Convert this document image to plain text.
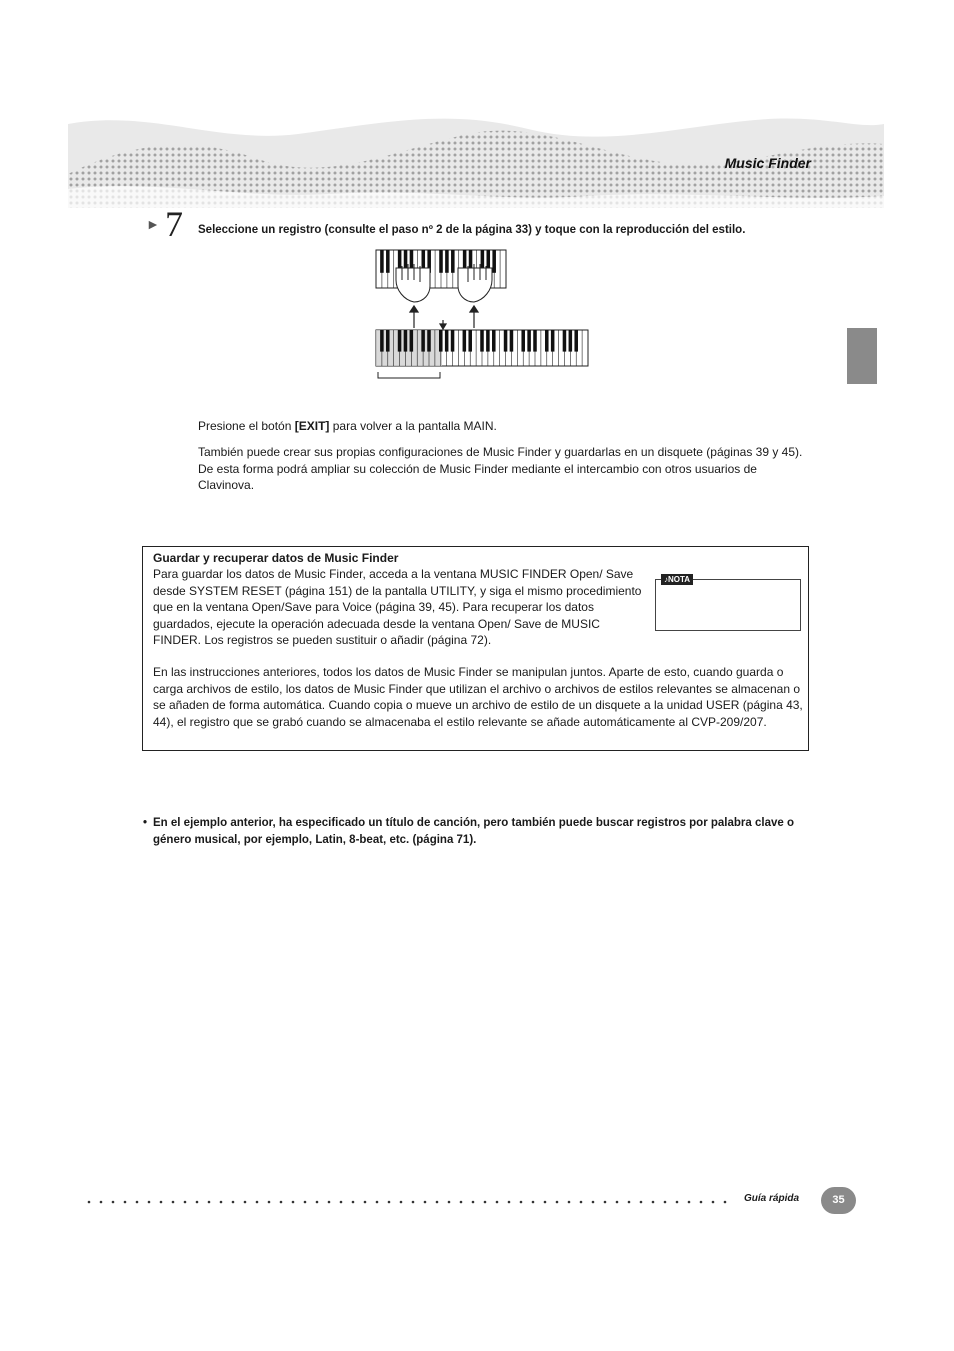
Music Finder
► 7 Seleccione un registro (consulte el paso nº 2 de la página 33) y toque con la reproducción del estilo.
Presione el botón [EXIT] para volver a la pantalla MAIN.
También puede crear sus propias configuraciones de Music Finder y guardarlas en un disquete (páginas 39 y 45). De esta forma podrá ampliar su colección de Music Finder mediante el intercambio con otros usuarios de Clavinova.
Guardar y recuperar datos de Music Finder
Para guardar los datos de Music Finder, acceda a la ventana MUSIC FINDER Open/ Save desde SYSTEM RESET (página 151) de la pantalla UTILITY, y siga el mismo procedimiento que en la ventana Open/Save para Voice (página 39, 45). Para recuperar los datos guardados, ejecute la operación adecuada desde la ventana Open/ Save de MUSIC FINDER. Los registros se pueden sustituir o añadir (página 72).
En las instrucciones anteriores, todos los datos de Music Finder se manipulan juntos. Aparte de esto, cuando guarda o carga archivos de estilo, los datos de Music Finder que utilizan el archivo o archivos de estilos relevantes se almacenan o se añaden de forma automática. Cuando copia o mueve un archivo de estilo de un disquete a la unidad USER (página 43, 44), el registro que se grabó cuando se almacenaba el estilo relevante se añade automáticamente al CVP-209/207.
♪NOTA
• En el ejemplo anterior, ha especificado un título de canción, pero también puede buscar registros por palabra clave o género musical, por ejemplo, Latin, 8-beat, etc. (página 71).
Guía rápida	35
